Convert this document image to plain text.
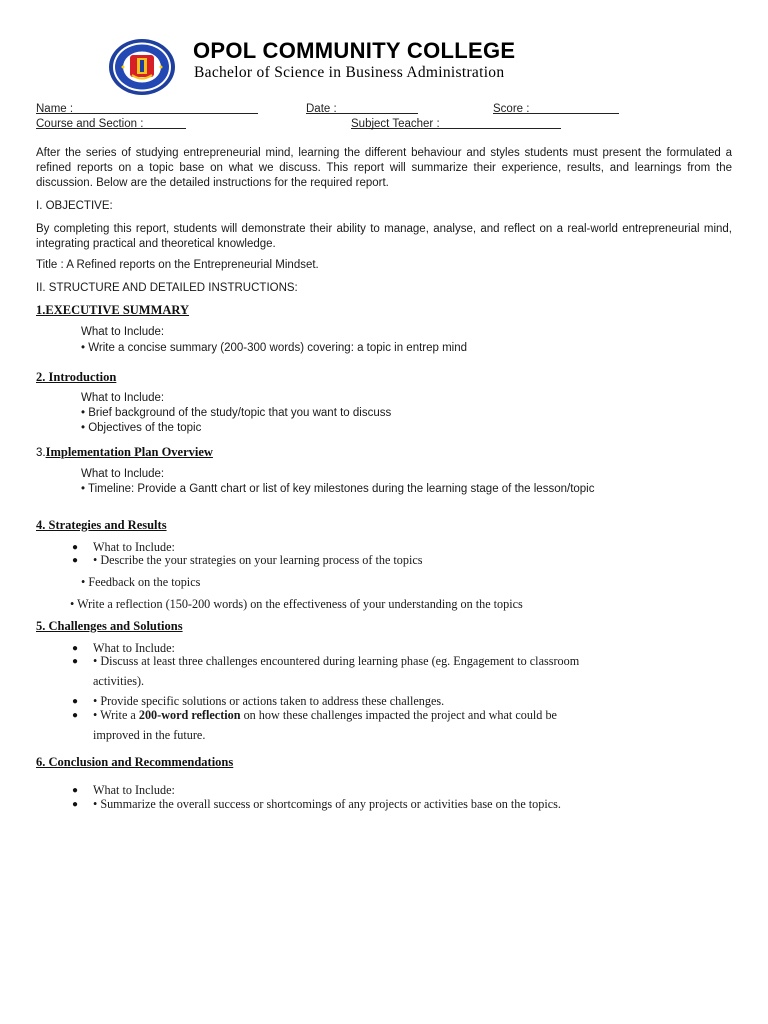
OPOL COMMUNITY COLLEGE
Bachelor of Science in Business Administration
Name :	Date :	Score :
Course and Section :	Subject Teacher :
After the series of studying entrepreneurial mind, learning the different behaviour and styles students must present the formulated a refined reports on a topic base on what we discuss. This report will summarize their experience, results, and learnings from the discussion. Below are the detailed instructions for the required report.
I. OBJECTIVE:
By completing this report, students will demonstrate their ability to manage, analyse, and reflect on a real-world entrepreneurial mind, integrating practical and theoretical knowledge.
Title : A Refined reports on the Entrepreneurial Mindset.
II. STRUCTURE AND DETAILED INSTRUCTIONS:
1.EXECUTIVE SUMMARY
What to Include:
• Write a concise summary (200-300 words) covering: a topic in entrep mind
2. Introduction
What to Include:
• Brief background of the study/topic that you want to discuss
• Objectives of the topic
3.Implementation Plan Overview
What to Include:
• Timeline: Provide a Gantt chart or list of key milestones during the learning stage of the lesson/topic
4. Strategies and Results
● What to Include:
● • Describe the your strategies on your learning process of the topics
• Feedback on the topics
• Write a reflection (150-200 words) on the effectiveness of your understanding on the topics
5. Challenges and Solutions
● What to Include:
● • Discuss at least three challenges encountered during learning phase (eg. Engagement to classroom
activities).
● • Provide specific solutions or actions taken to address these challenges.
● • Write a 200-word reflection on how these challenges impacted the project and what could be
improved in the future.
6. Conclusion and Recommendations
● What to Include:
● • Summarize the overall success or shortcomings of any projects or activities base on the topics.
